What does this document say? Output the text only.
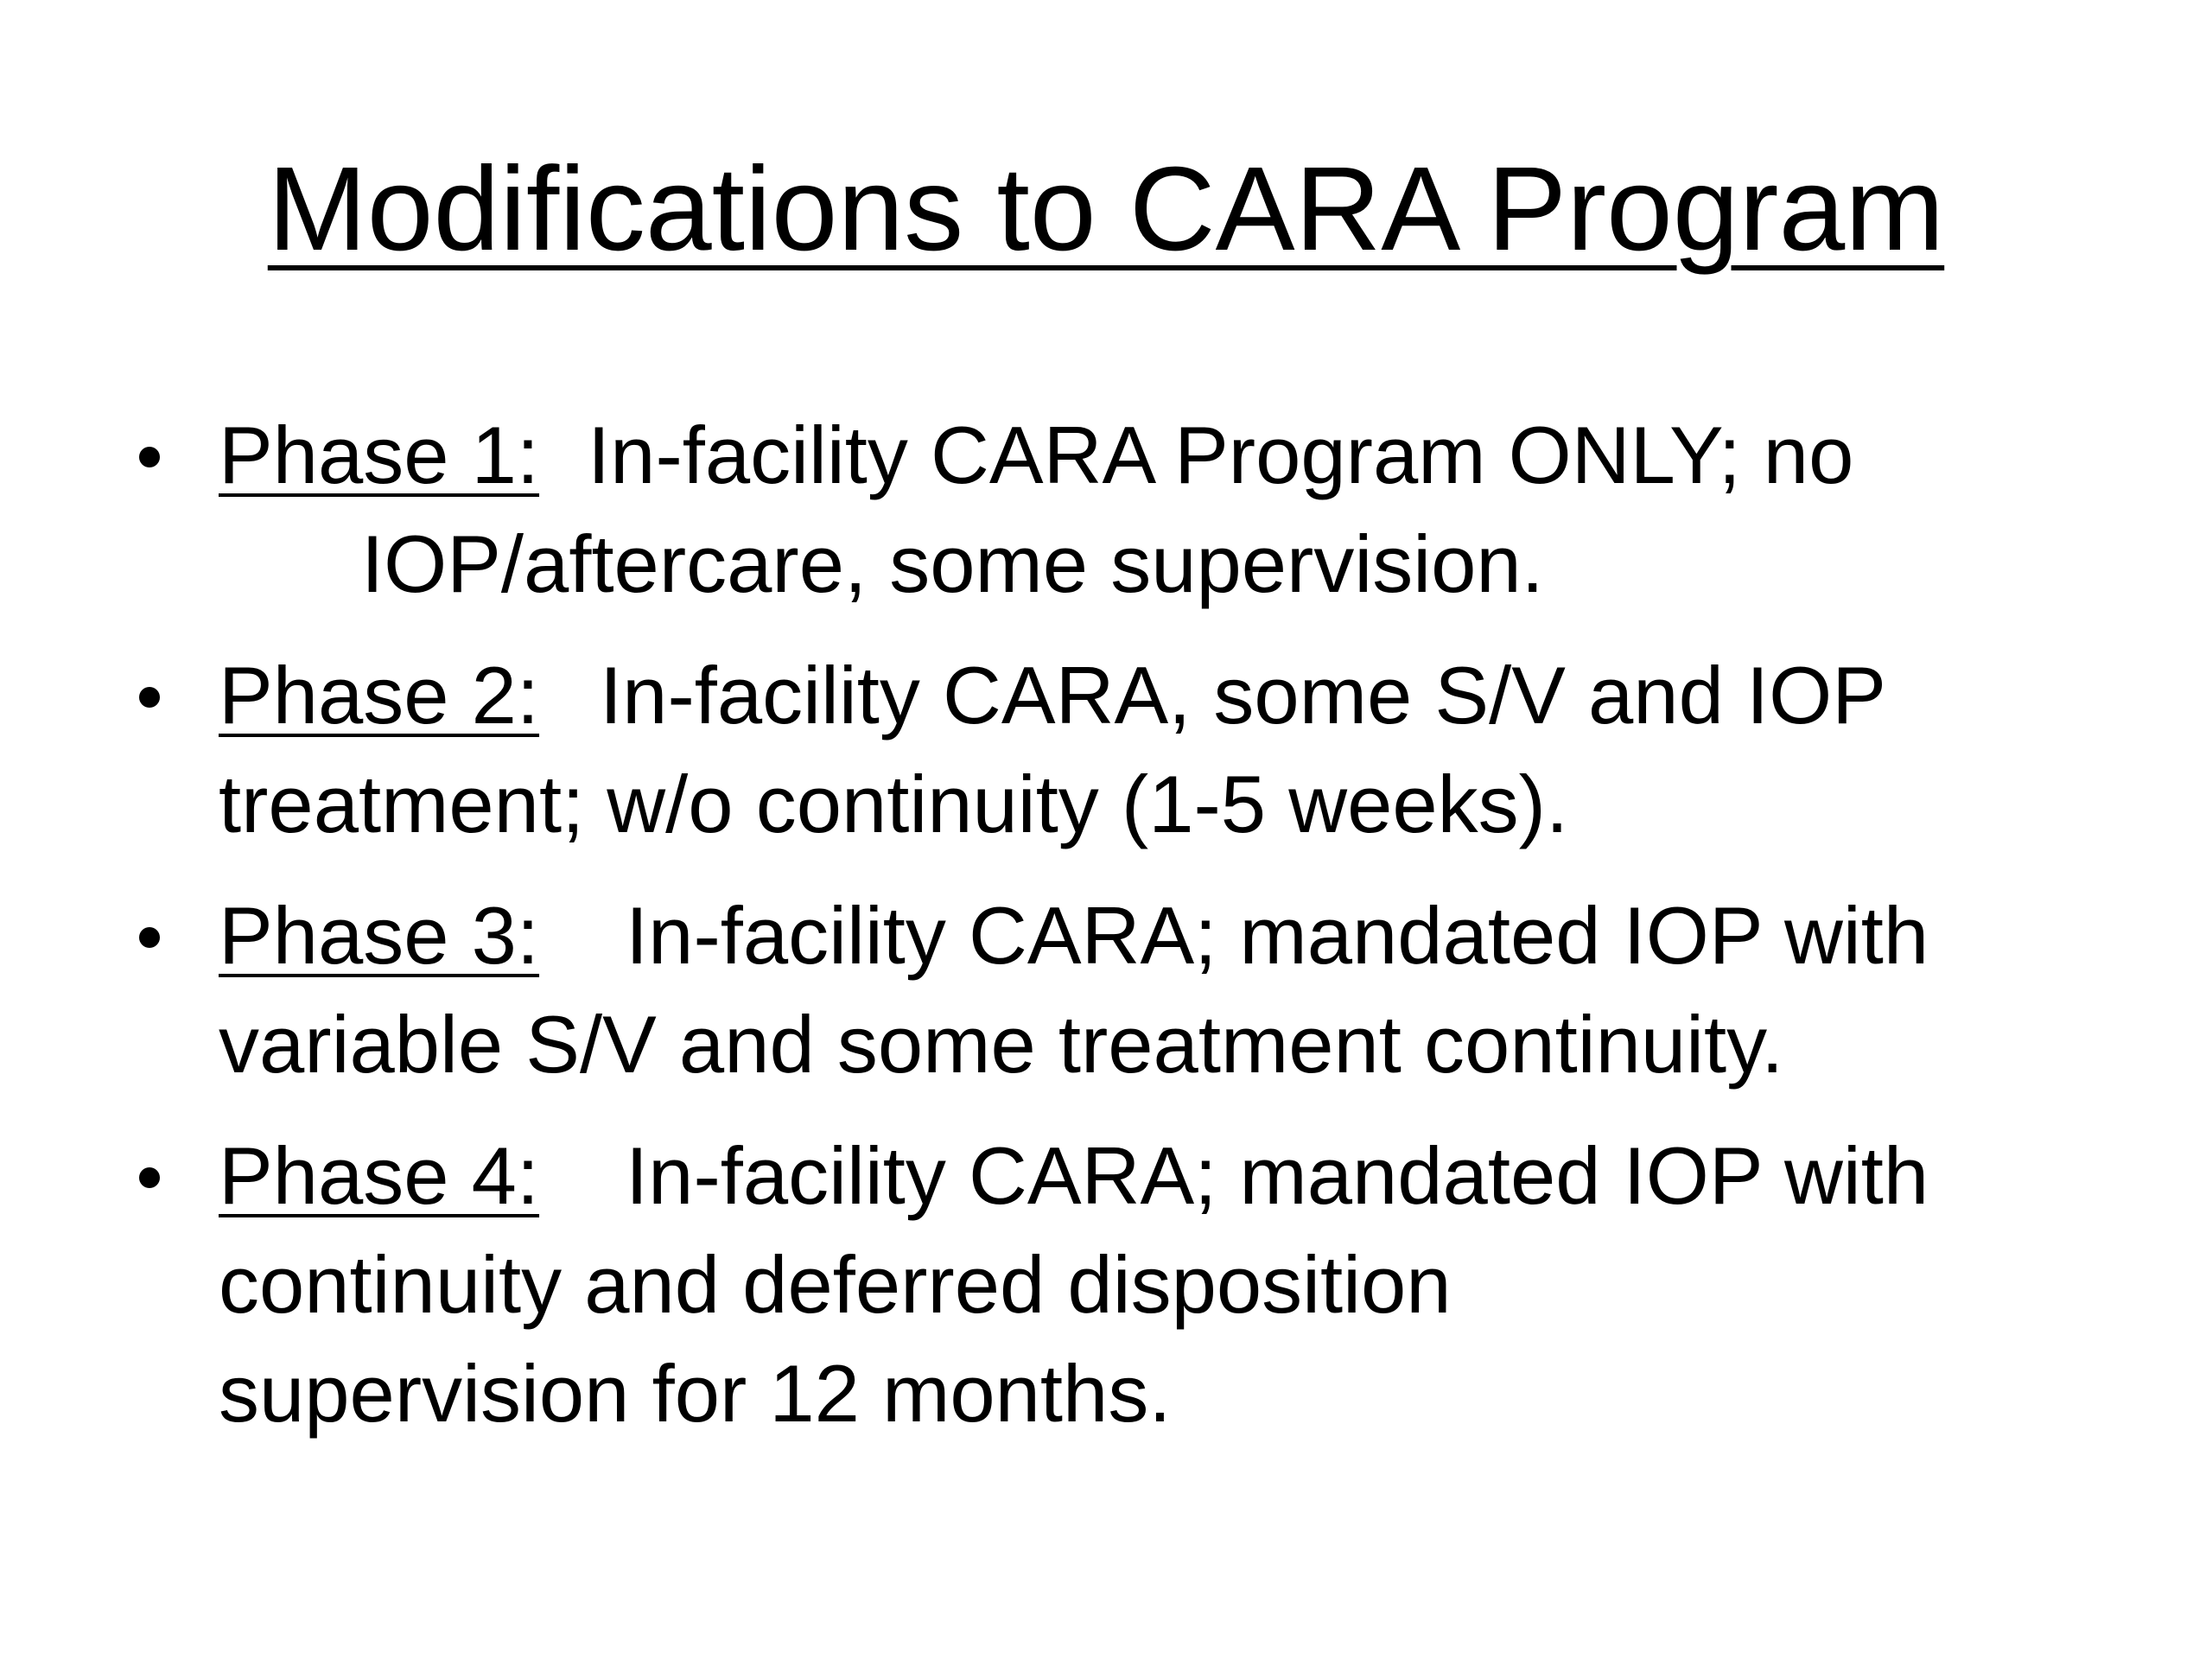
Modifications to CARA Program
Phase 1: In-facility CARA Program ONLY; no
IOP/aftercare, some supervision.
Phase 2: In-facility CARA, some S/V and IOP
treatment; w/o continuity (1-5 weeks).
Phase 3: In-facility CARA; mandated IOP with
variable S/V and some treatment continuity.
Phase 4: In-facility CARA; mandated IOP with
continuity and deferred disposition
supervision for 12 months.
